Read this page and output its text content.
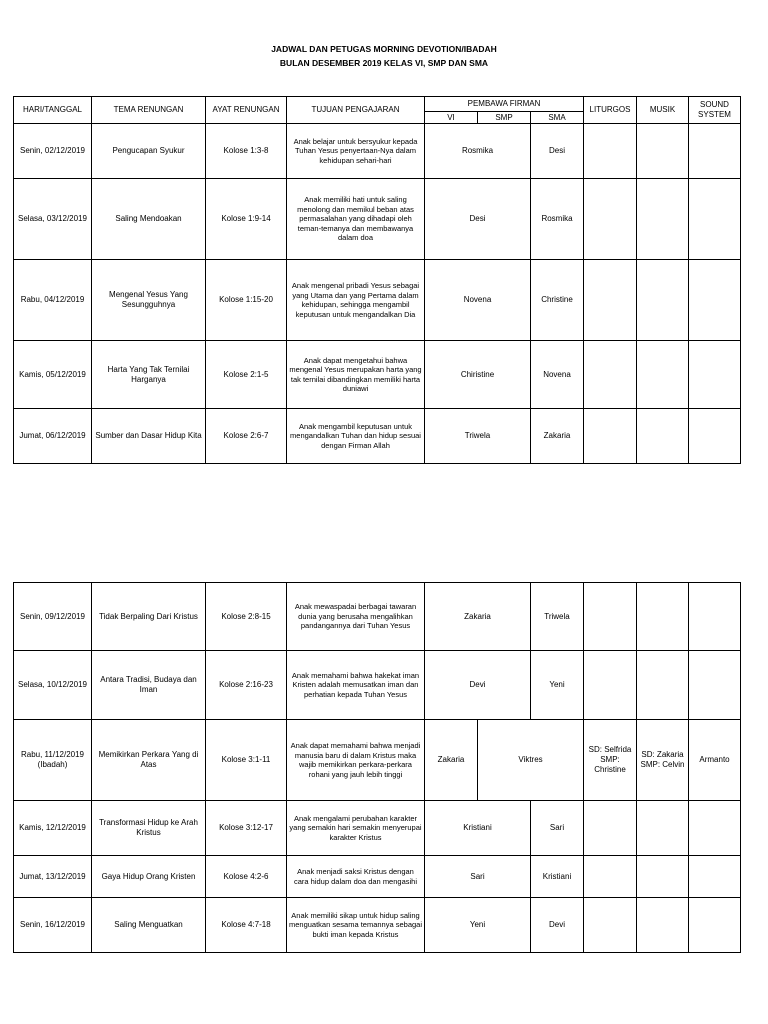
JADWAL DAN PETUGAS MORNING DEVOTION/IBADAH
BULAN DESEMBER 2019 KELAS VI, SMP DAN SMA
HARI/TANGGAL	TEMA RENUNGAN	AYAT RENUNGAN	TUJUAN PENGAJARAN	PEMBAWA FIRMAN			LITURGOS	MUSIK	SOUND SYSTEM
				VI	SMP	SMA			
Senin, 02/12/2019	Pengucapan Syukur	Kolose 1:3-8	Anak belajar untuk bersyukur kepada Tuhan Yesus penyertaan-Nya dalam kehidupan sehari-hari	Rosmika		Desi			
Selasa, 03/12/2019	Saling Mendoakan	Kolose 1:9-14	Anak memiliki hati untuk saling menolong dan memikul beban atas permasalahan yang dihadapi oleh teman-temanya dan membawanya dalam doa	Desi		Rosmika			
Rabu, 04/12/2019	Mengenal Yesus Yang Sesungguhnya	Kolose 1:15-20	Anak mengenal pribadi Yesus sebagai yang Utama dan yang Pertama dalam kehidupan, sehingga mengambil keputusan untuk mengandalkan Dia	Novena		Christine			
Kamis, 05/12/2019	Harta Yang Tak Ternilai Harganya	Kolose 2:1-5	Anak dapat mengetahui bahwa mengenal Yesus merupakan harta yang tak ternilai dibandingkan memiliki harta duniawi	Chiristine		Novena			
Jumat, 06/12/2019	Sumber dan Dasar Hidup Kita	Kolose 2:6-7	Anak mengambil keputusan untuk mengandalkan Tuhan dan hidup sesuai dengan Firman Allah	Triwela		Zakaria			
Senin, 09/12/2019	Tidak Berpaling Dari Kristus	Kolose 2:8-15	Anak mewaspadai berbagai tawaran dunia yang berusaha mengalihkan pandangannya dari Tuhan Yesus	Zakaria		Triwela			
Selasa, 10/12/2019	Antara Tradisi, Budaya dan Iman	Kolose 2:16-23	Anak memahami bahwa hakekat iman Kristen adalah memusatkan iman dan perhatian kepada Tuhan Yesus	Devi		Yeni			
Rabu, 11/12/2019 (Ibadah)	Memikirkan Perkara Yang di Atas	Kolose 3:1-11	Anak dapat memahami bahwa menjadi manusia baru di dalam Kristus maka wajib memikirkan perkara-perkara rohani yang jauh lebih tinggi	Zakaria	Viktres		SD: Selfrida SMP: Christine	SD: Zakaria SMP: Celvin	Armanto
Kamis, 12/12/2019	Transformasi Hidup ke Arah Kristus	Kolose 3:12-17	Anak mengalami perubahan karakter yang semakin hari semakin menyerupai karakter Kristus	Kristiani		Sari			
Jumat, 13/12/2019	Gaya Hidup Orang Kristen	Kolose 4:2-6	Anak menjadi saksi Kristus dengan cara hidup dalam doa dan mengasihi	Sari		Kristiani			
Senin, 16/12/2019	Saling Menguatkan	Kolose 4:7-18	Anak memiliki sikap untuk hidup saling menguatkan sesama temannya sebagai bukti iman kepada Kristus	Yeni		Devi			
